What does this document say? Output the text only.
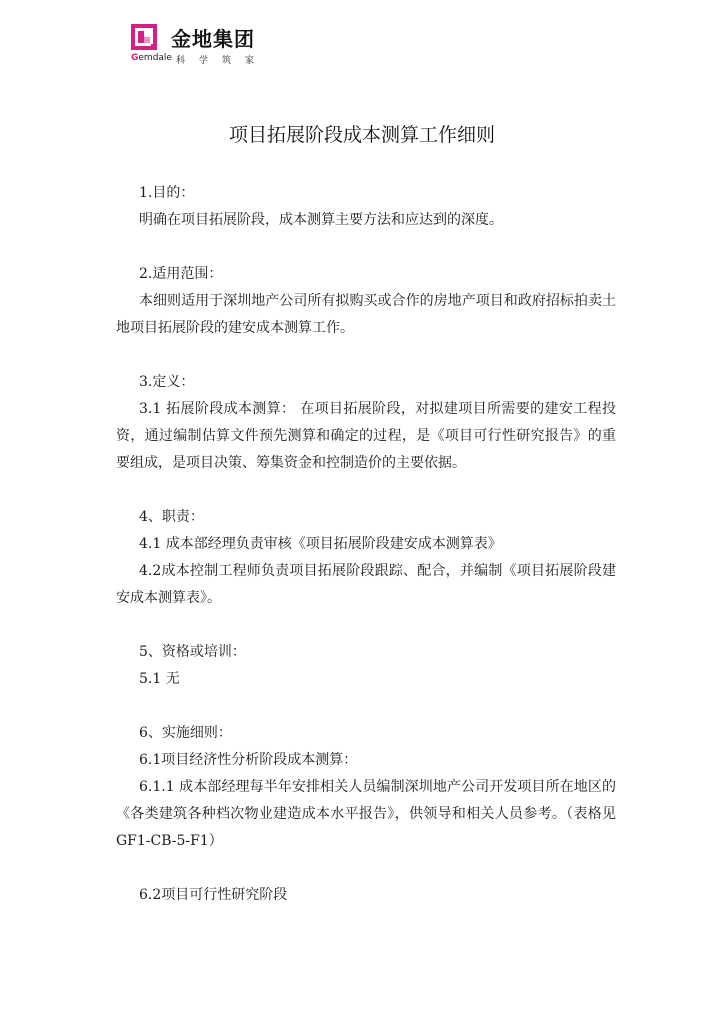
金地集团
Gemdale 科学筑家
项目拓展阶段成本测算工作细则

1.目的：

明确在项目拓展阶段，成本测算主要方法和应达到的深度。

2.适用范围：

本细则适用于深圳地产公司所有拟购买或合作的房地产项目和政府招标拍卖土地项目拓展阶段的建安成本测算工作。

3.定义：

3.1 拓展阶段成本测算： 在项目拓展阶段，对拟建项目所需要的建安工程投资，通过编制估算文件预先测算和确定的过程，是《项目可行性研究报告》的重要组成，是项目决策、筹集资金和控制造价的主要依据。

4、职责：

4.1 成本部经理负责审核《项目拓展阶段建安成本测算表》

4.2成本控制工程师负责项目拓展阶段跟踪、配合，并编制《项目拓展阶段建安成本测算表》。

5、资格或培训：

5.1 无

6、实施细则：

6.1项目经济性分析阶段成本测算：

6.1.1 成本部经理每半年安排相关人员编制深圳地产公司开发项目所在地区的《各类建筑各种档次物业建造成本水平报告》，供领导和相关人员参考。（表格见GF1-CB-5-F1）

6.2项目可行性研究阶段
